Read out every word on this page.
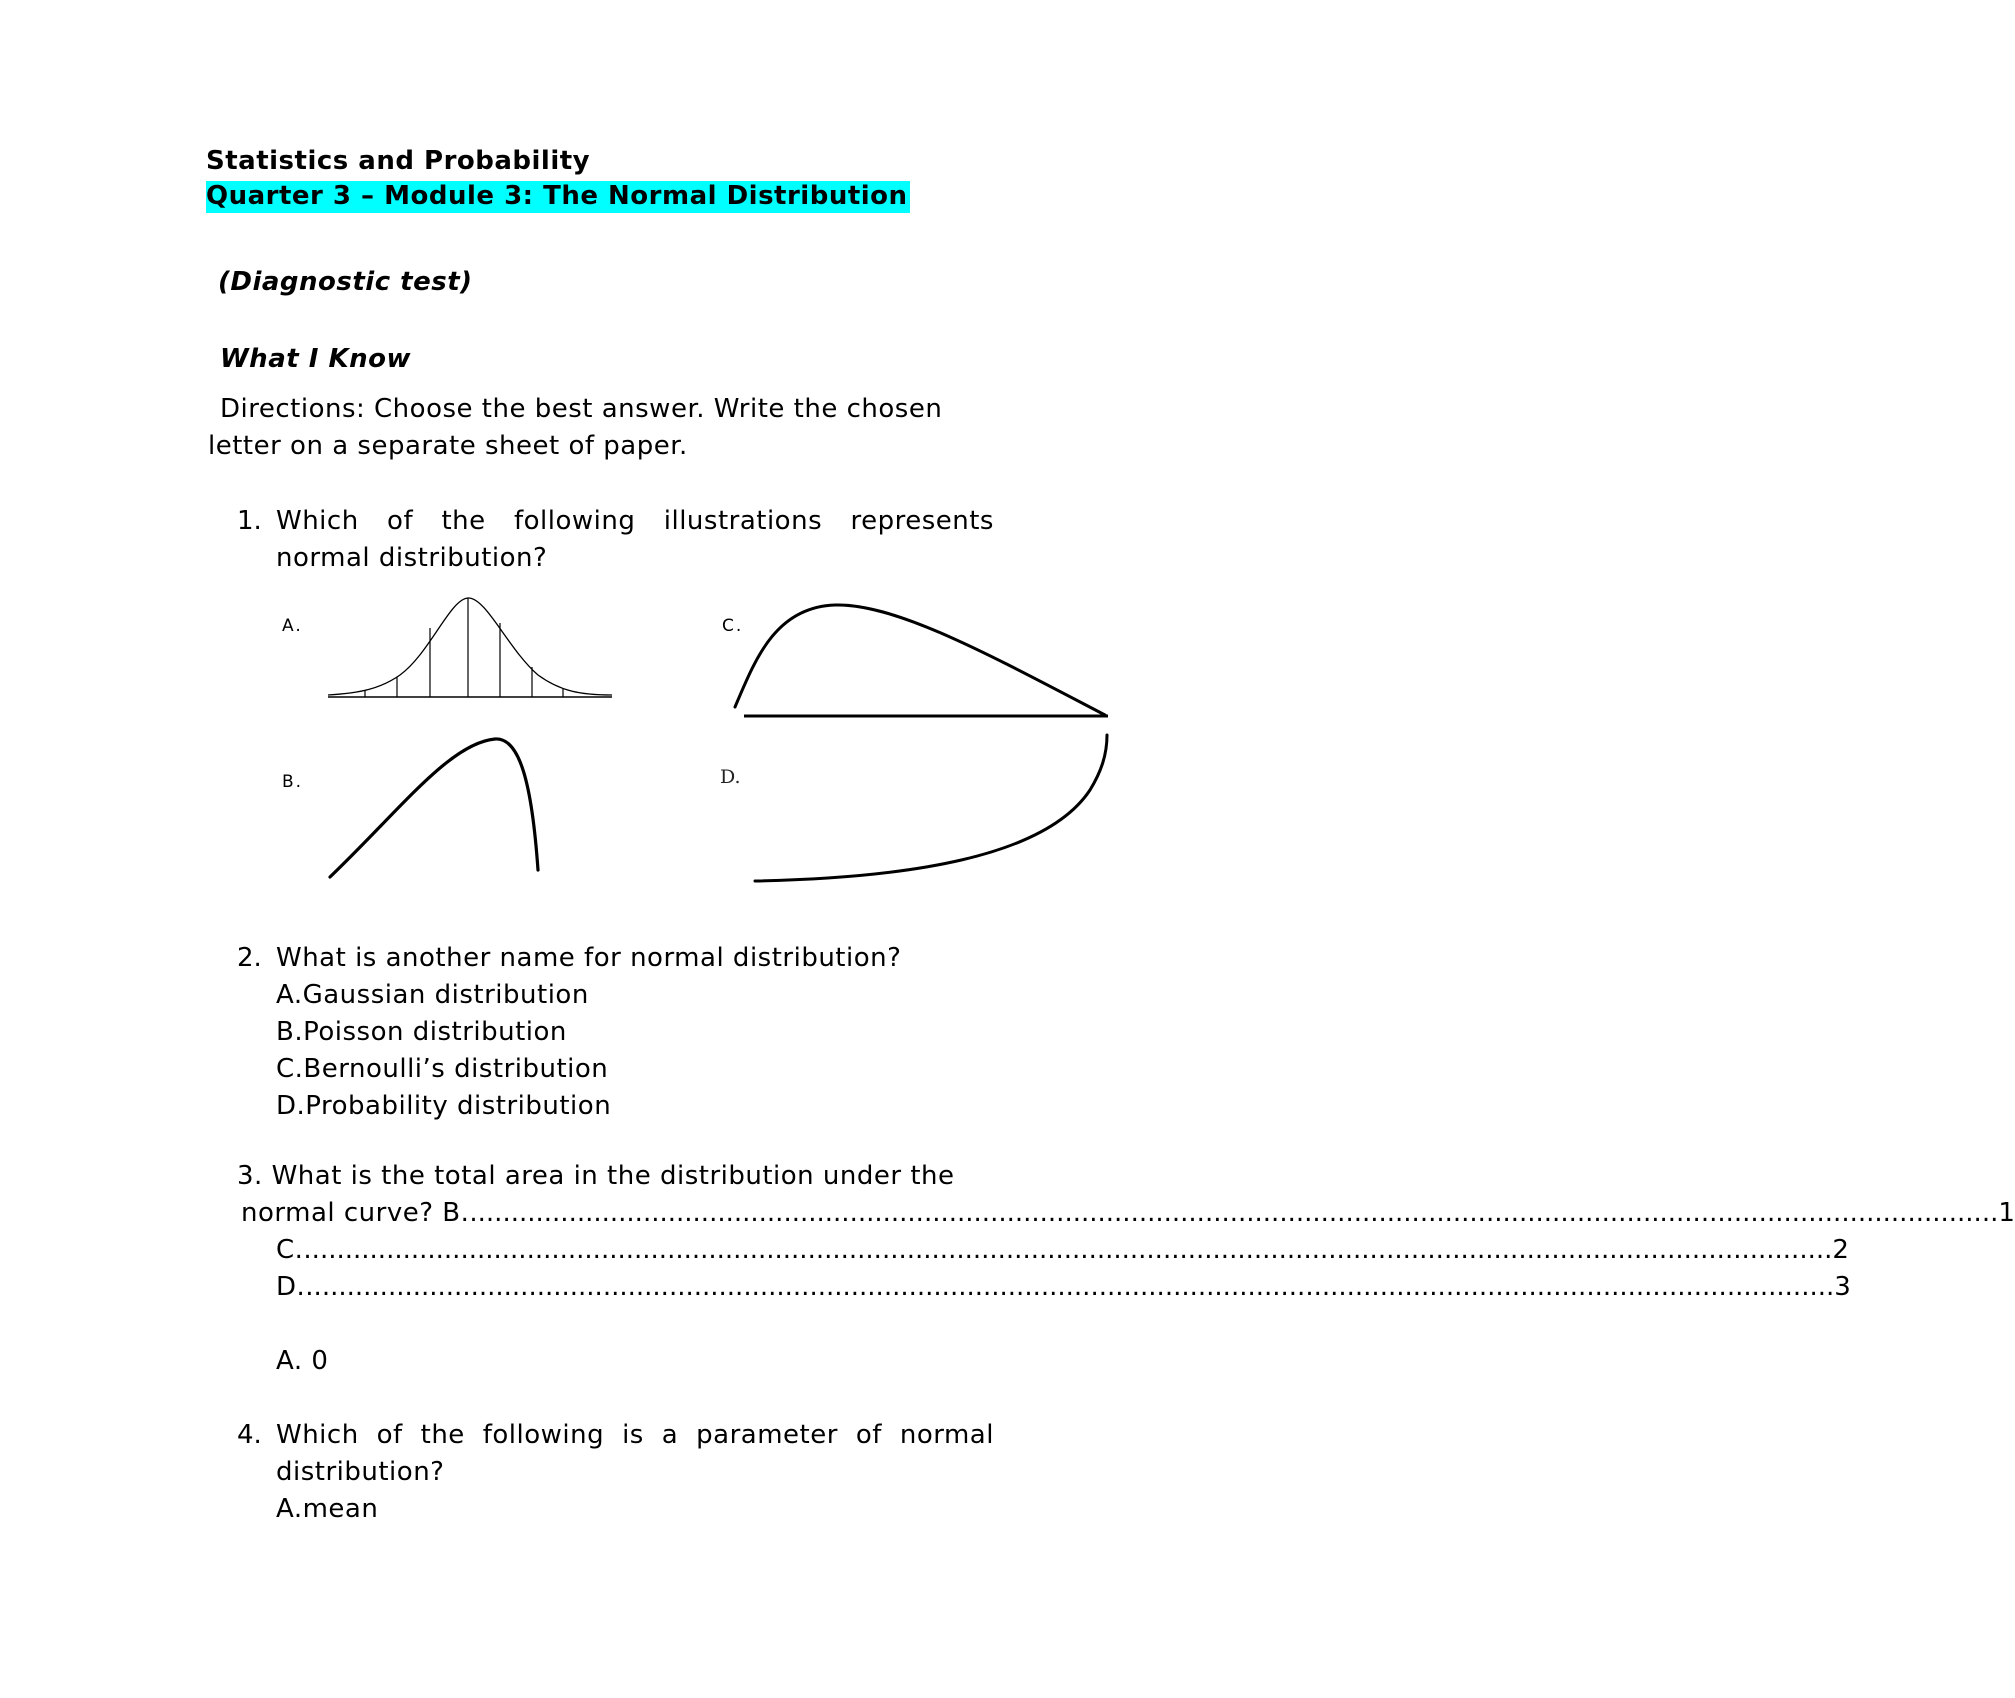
Statistics and Probability
Quarter 3 – Module 3: The Normal Distribution
(Diagnostic test)
What I Know
Directions: Choose the best answer. Write the chosen
letter on a separate sheet of paper.
1. Which of the following illustrations represents
normal distribution?
A.
B.
C.
D.
2. What is another name for normal distribution?
A.Gaussian distribution
B.Poisson distribution
C.Bernoulli’s distribution
D.Probability distribution
3. What is the total area in the distribution under the
normal curve? B. ......................................................................................................................................................................................... 1
C. ......................................................................................................................................................................................... 2
D. ......................................................................................................................................................................................... 3
A. 0
4. Which of the following is a parameter of normal
distribution?
A.mean
